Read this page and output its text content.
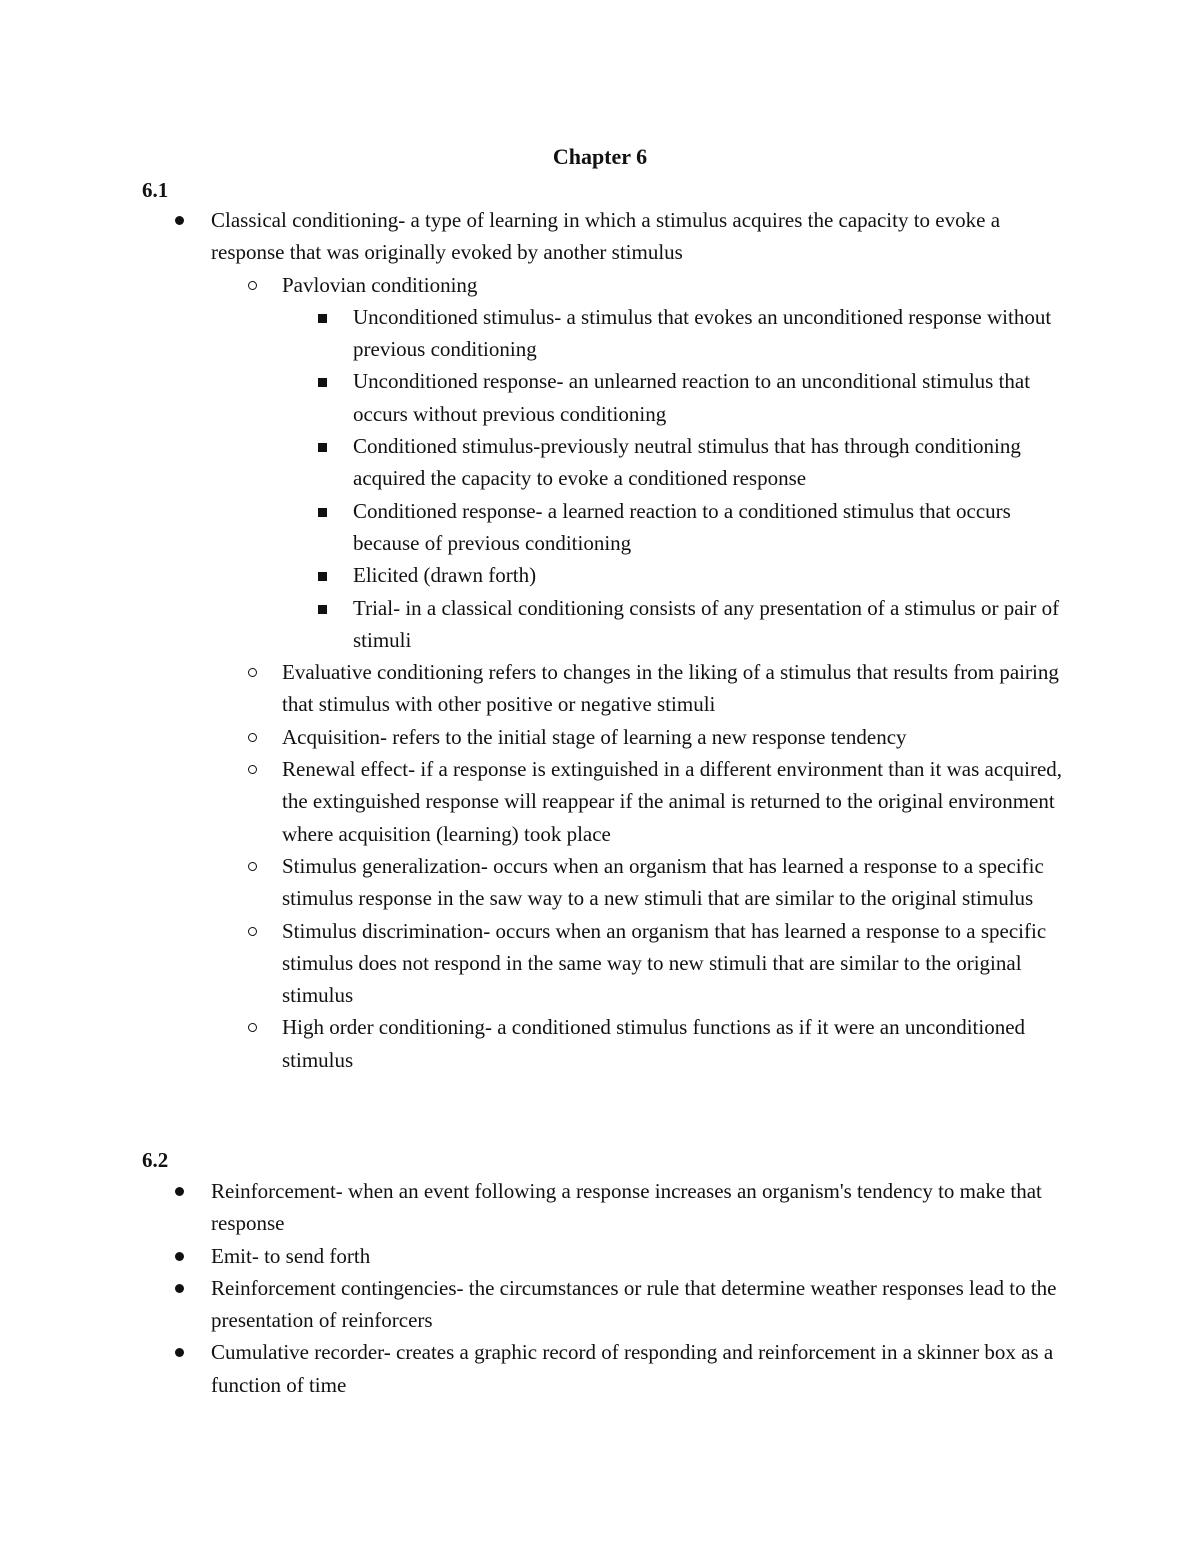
Chapter 6
6.1
Classical conditioning- a type of learning in which a stimulus acquires the capacity to evoke a response that was originally evoked by another stimulus
Pavlovian conditioning
Unconditioned stimulus- a stimulus that evokes an unconditioned response without previous conditioning
Unconditioned response- an unlearned reaction to an unconditional stimulus that occurs without previous conditioning
Conditioned stimulus-previously neutral stimulus that has through conditioning acquired the capacity to evoke a conditioned response
Conditioned response- a learned reaction to a conditioned stimulus that occurs because of previous conditioning
Elicited (drawn forth)
Trial- in a classical conditioning consists of any presentation of a stimulus or pair of stimuli
Evaluative conditioning refers to changes in the liking of a stimulus that results from pairing that stimulus with other positive or negative stimuli
Acquisition- refers to the initial stage of learning a new response tendency
Renewal effect- if a response is extinguished in a different environment than it was acquired, the extinguished response will reappear if the animal is returned to the original environment where acquisition (learning) took place
Stimulus generalization- occurs when an organism that has learned a response to a specific stimulus response in the saw way to a new stimuli that are similar to the original stimulus
Stimulus discrimination- occurs when an organism that has learned a response to a specific stimulus does not respond in the same way to new stimuli that are similar to the original stimulus
High order conditioning- a conditioned stimulus functions as if it were an unconditioned stimulus
6.2
Reinforcement- when an event following a response increases an organism's tendency to make that response
Emit- to send forth
Reinforcement contingencies- the circumstances or rule that determine weather responses lead to the presentation of reinforcers
Cumulative recorder- creates a graphic record of responding and reinforcement in a skinner box as a function of time
